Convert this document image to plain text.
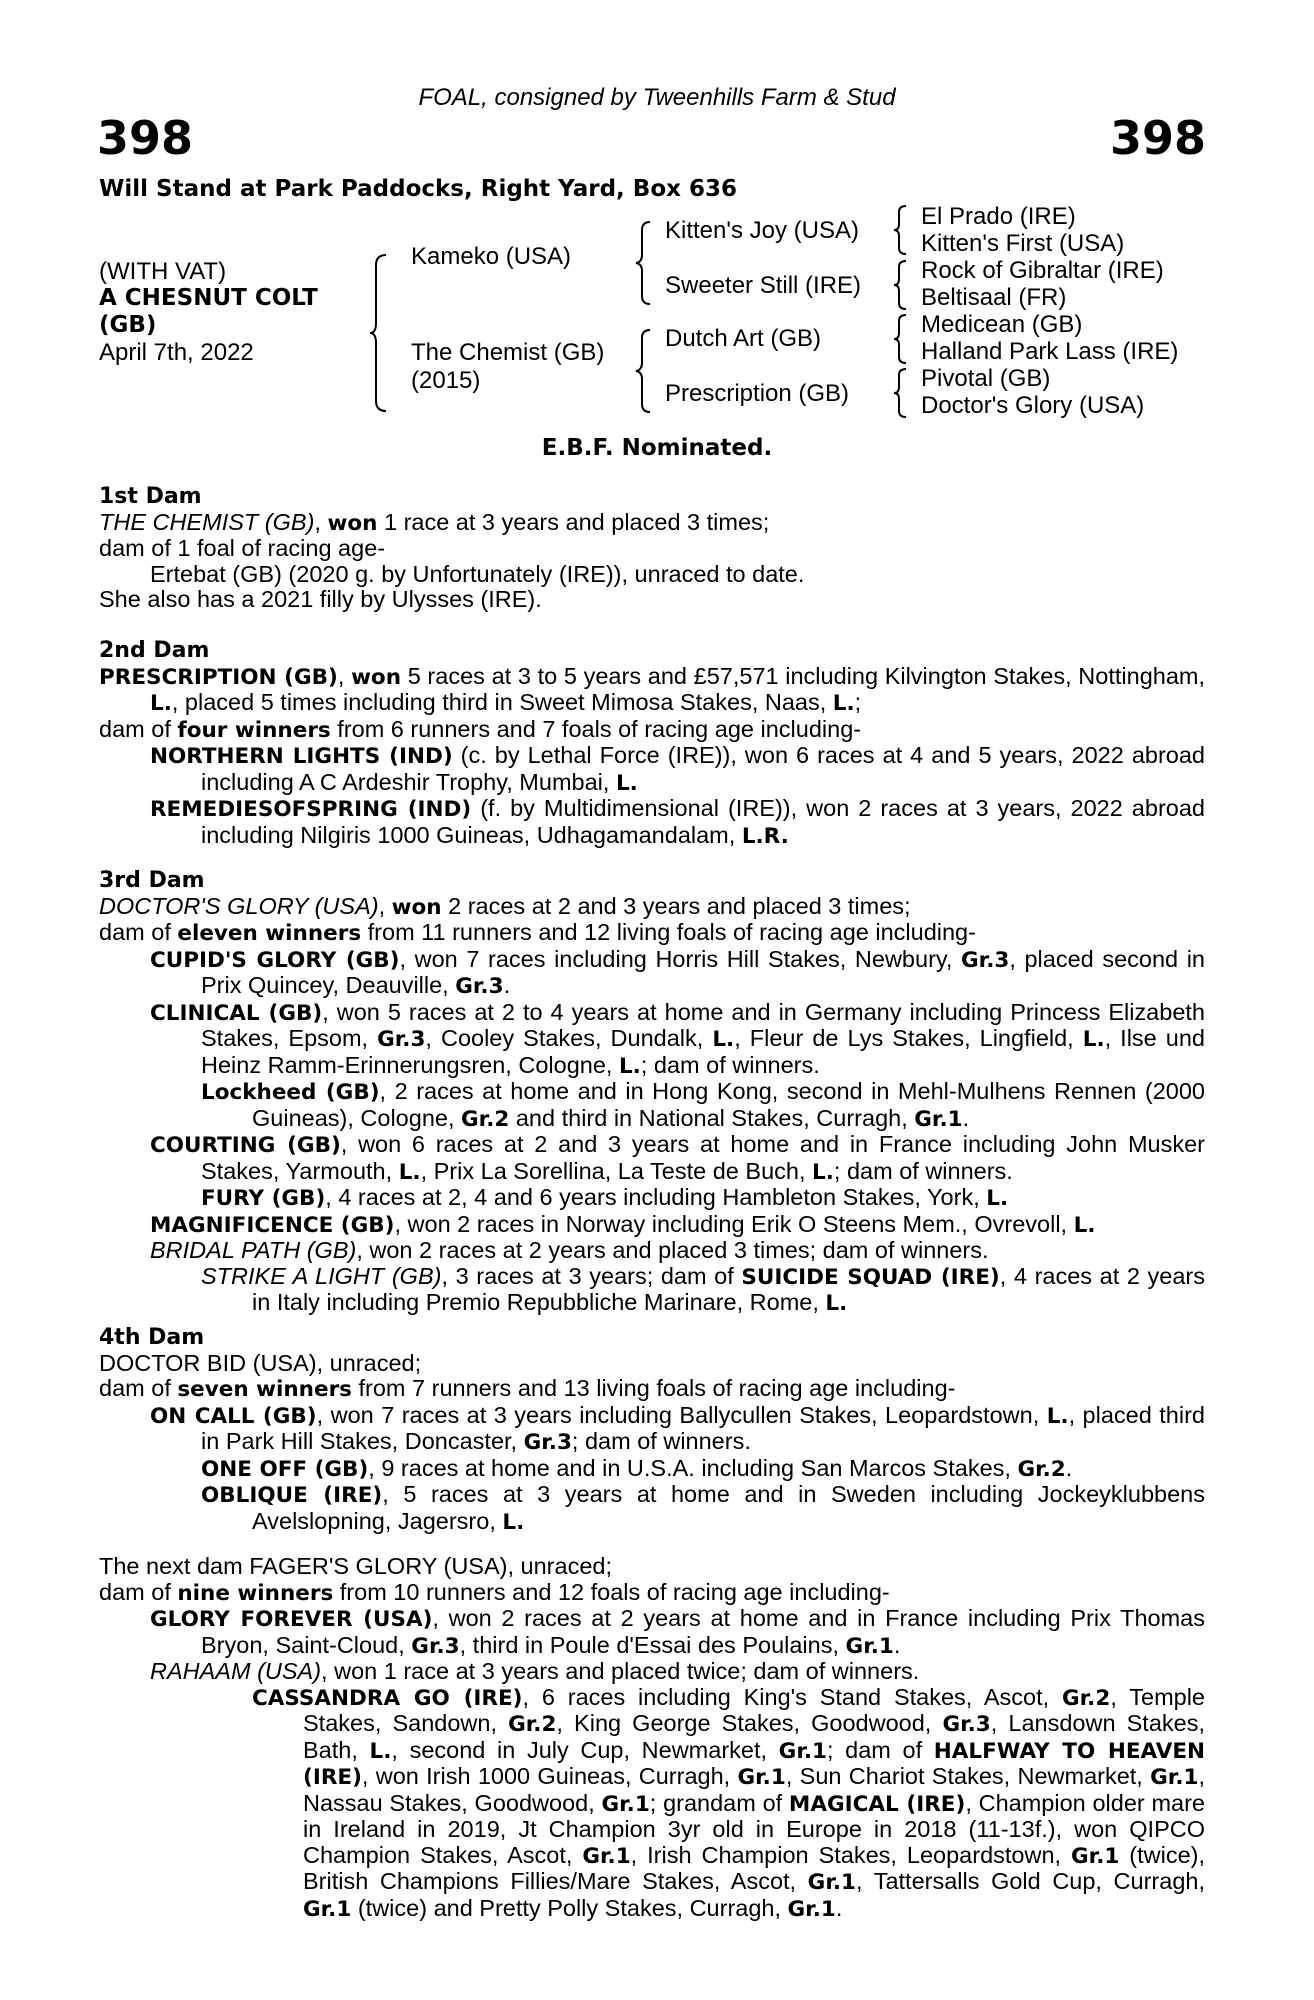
FOAL, consigned by Tweenhills Farm & Stud
398	398
Will Stand at Park Paddocks, Right Yard, Box 636
(WITH VAT)
A CHESNUT COLT
(GB)
April 7th, 2022
Kameko (USA)
The Chemist (GB)
(2015)
Kitten's Joy (USA)
Sweeter Still (IRE)
Dutch Art (GB)
Prescription (GB)
El Prado (IRE)
Kitten's First (USA)
Rock of Gibraltar (IRE)
Beltisaal (FR)
Medicean (GB)
Halland Park Lass (IRE)
Pivotal (GB)
Doctor's Glory (USA)
E.B.F. Nominated.

1st Dam

THE CHEMIST (GB), won 1 race at 3 years and placed 3 times;

dam of 1 foal of racing age-

Ertebat (GB) (2020 g. by Unfortunately (IRE)), unraced to date.

She also has a 2021 filly by Ulysses (IRE).

2nd Dam

PRESCRIPTION (GB), won 5 races at 3 to 5 years and £57,571 including Kilvington Stakes, Nottingham, L., placed 5 times including third in Sweet Mimosa Stakes, Naas, L.;

dam of four winners from 6 runners and 7 foals of racing age including-

NORTHERN LIGHTS (IND) (c. by Lethal Force (IRE)), won 6 races at 4 and 5 years, 2022 abroad including A C Ardeshir Trophy, Mumbai, L.

REMEDIESOFSPRING (IND) (f. by Multidimensional (IRE)), won 2 races at 3 years, 2022 abroad including Nilgiris 1000 Guineas, Udhagamandalam, L.R.

3rd Dam

DOCTOR'S GLORY (USA), won 2 races at 2 and 3 years and placed 3 times;

dam of eleven winners from 11 runners and 12 living foals of racing age including-

CUPID'S GLORY (GB), won 7 races including Horris Hill Stakes, Newbury, Gr.3, placed second in Prix Quincey, Deauville, Gr.3.

CLINICAL (GB), won 5 races at 2 to 4 years at home and in Germany including Princess Elizabeth Stakes, Epsom, Gr.3, Cooley Stakes, Dundalk, L., Fleur de Lys Stakes, Lingfield, L., Ilse und Heinz Ramm-Erinnerungsren, Cologne, L.; dam of winners.

Lockheed (GB), 2 races at home and in Hong Kong, second in Mehl-Mulhens Rennen (2000 Guineas), Cologne, Gr.2 and third in National Stakes, Curragh, Gr.1.

COURTING (GB), won 6 races at 2 and 3 years at home and in France including John Musker Stakes, Yarmouth, L., Prix La Sorellina, La Teste de Buch, L.; dam of winners.

FURY (GB), 4 races at 2, 4 and 6 years including Hambleton Stakes, York, L.

MAGNIFICENCE (GB), won 2 races in Norway including Erik O Steens Mem., Ovrevoll, L.

BRIDAL PATH (GB), won 2 races at 2 years and placed 3 times; dam of winners.

STRIKE A LIGHT (GB), 3 races at 3 years; dam of SUICIDE SQUAD (IRE), 4 races at 2 years in Italy including Premio Repubbliche Marinare, Rome, L.

4th Dam

DOCTOR BID (USA), unraced;

dam of seven winners from 7 runners and 13 living foals of racing age including-

ON CALL (GB), won 7 races at 3 years including Ballycullen Stakes, Leopardstown, L., placed third in Park Hill Stakes, Doncaster, Gr.3; dam of winners.

ONE OFF (GB), 9 races at home and in U.S.A. including San Marcos Stakes, Gr.2.

OBLIQUE (IRE), 5 races at 3 years at home and in Sweden including Jockeyklubbens Avelslopning, Jagersro, L.

The next dam FAGER'S GLORY (USA), unraced;

dam of nine winners from 10 runners and 12 foals of racing age including-

GLORY FOREVER (USA), won 2 races at 2 years at home and in France including Prix Thomas Bryon, Saint-Cloud, Gr.3, third in Poule d'Essai des Poulains, Gr.1.

RAHAAM (USA), won 1 race at 3 years and placed twice; dam of winners.

CASSANDRA GO (IRE), 6 races including King's Stand Stakes, Ascot, Gr.2, Temple Stakes, Sandown, Gr.2, King George Stakes, Goodwood, Gr.3, Lansdown Stakes, Bath, L., second in July Cup, Newmarket, Gr.1; dam of HALFWAY TO HEAVEN (IRE), won Irish 1000 Guineas, Curragh, Gr.1, Sun Chariot Stakes, Newmarket, Gr.1, Nassau Stakes, Goodwood, Gr.1; grandam of MAGICAL (IRE), Champion older mare in Ireland in 2019, Jt Champion 3yr old in Europe in 2018 (11-13f.), won QIPCO Champion Stakes, Ascot, Gr.1, Irish Champion Stakes, Leopardstown, Gr.1 (twice), British Champions Fillies/Mare Stakes, Ascot, Gr.1, Tattersalls Gold Cup, Curragh, Gr.1 (twice) and Pretty Polly Stakes, Curragh, Gr.1.
